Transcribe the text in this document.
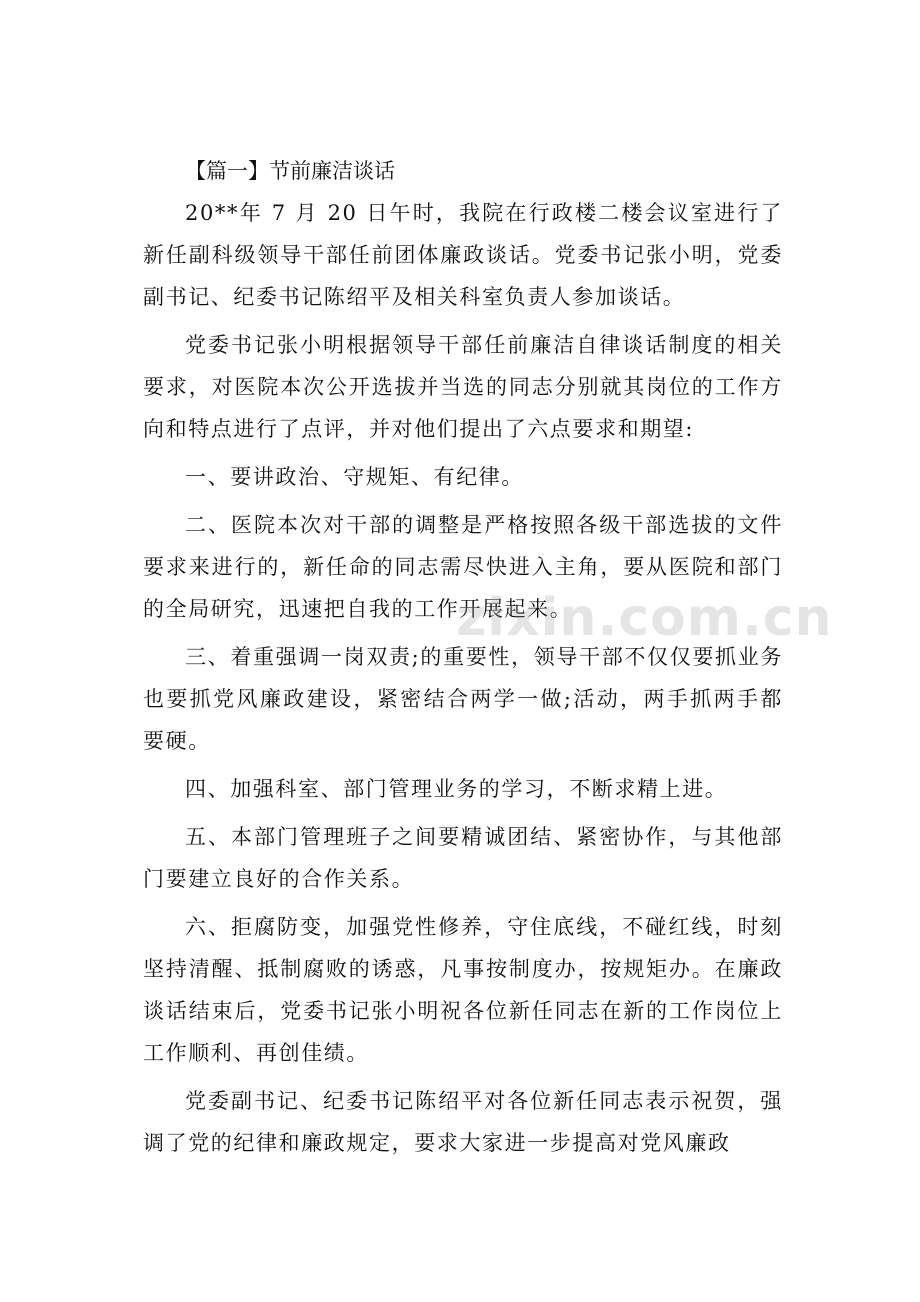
【篇一】节前廉洁谈话

20**年 7 月 20 日午时，我院在行政楼二楼会议室进行了新任副科级领导干部任前团体廉政谈话。党委书记张小明，党委副书记、纪委书记陈绍平及相关科室负责人参加谈话。

党委书记张小明根据领导干部任前廉洁自律谈话制度的相关要求，对医院本次公开选拔并当选的同志分别就其岗位的工作方向和特点进行了点评，并对他们提出了六点要求和期望:

一、要讲政治、守规矩、有纪律。

二、医院本次对干部的调整是严格按照各级干部选拔的文件要求来进行的，新任命的同志需尽快进入主角，要从医院和部门的全局研究，迅速把自我的工作开展起来。

三、着重强调一岗双责;的重要性，领导干部不仅仅要抓业务也要抓党风廉政建设，紧密结合两学一做;活动，两手抓两手都要硬。

四、加强科室、部门管理业务的学习，不断求精上进。

五、本部门管理班子之间要精诚团结、紧密协作，与其他部门要建立良好的合作关系。

六、拒腐防变，加强党性修养，守住底线，不碰红线，时刻坚持清醒、抵制腐败的诱惑，凡事按制度办，按规矩办。在廉政谈话结束后，党委书记张小明祝各位新任同志在新的工作岗位上工作顺利、再创佳绩。

党委副书记、纪委书记陈绍平对各位新任同志表示祝贺，强调了党的纪律和廉政规定，要求大家进一步提高对党风廉政

zixin.com.cn
